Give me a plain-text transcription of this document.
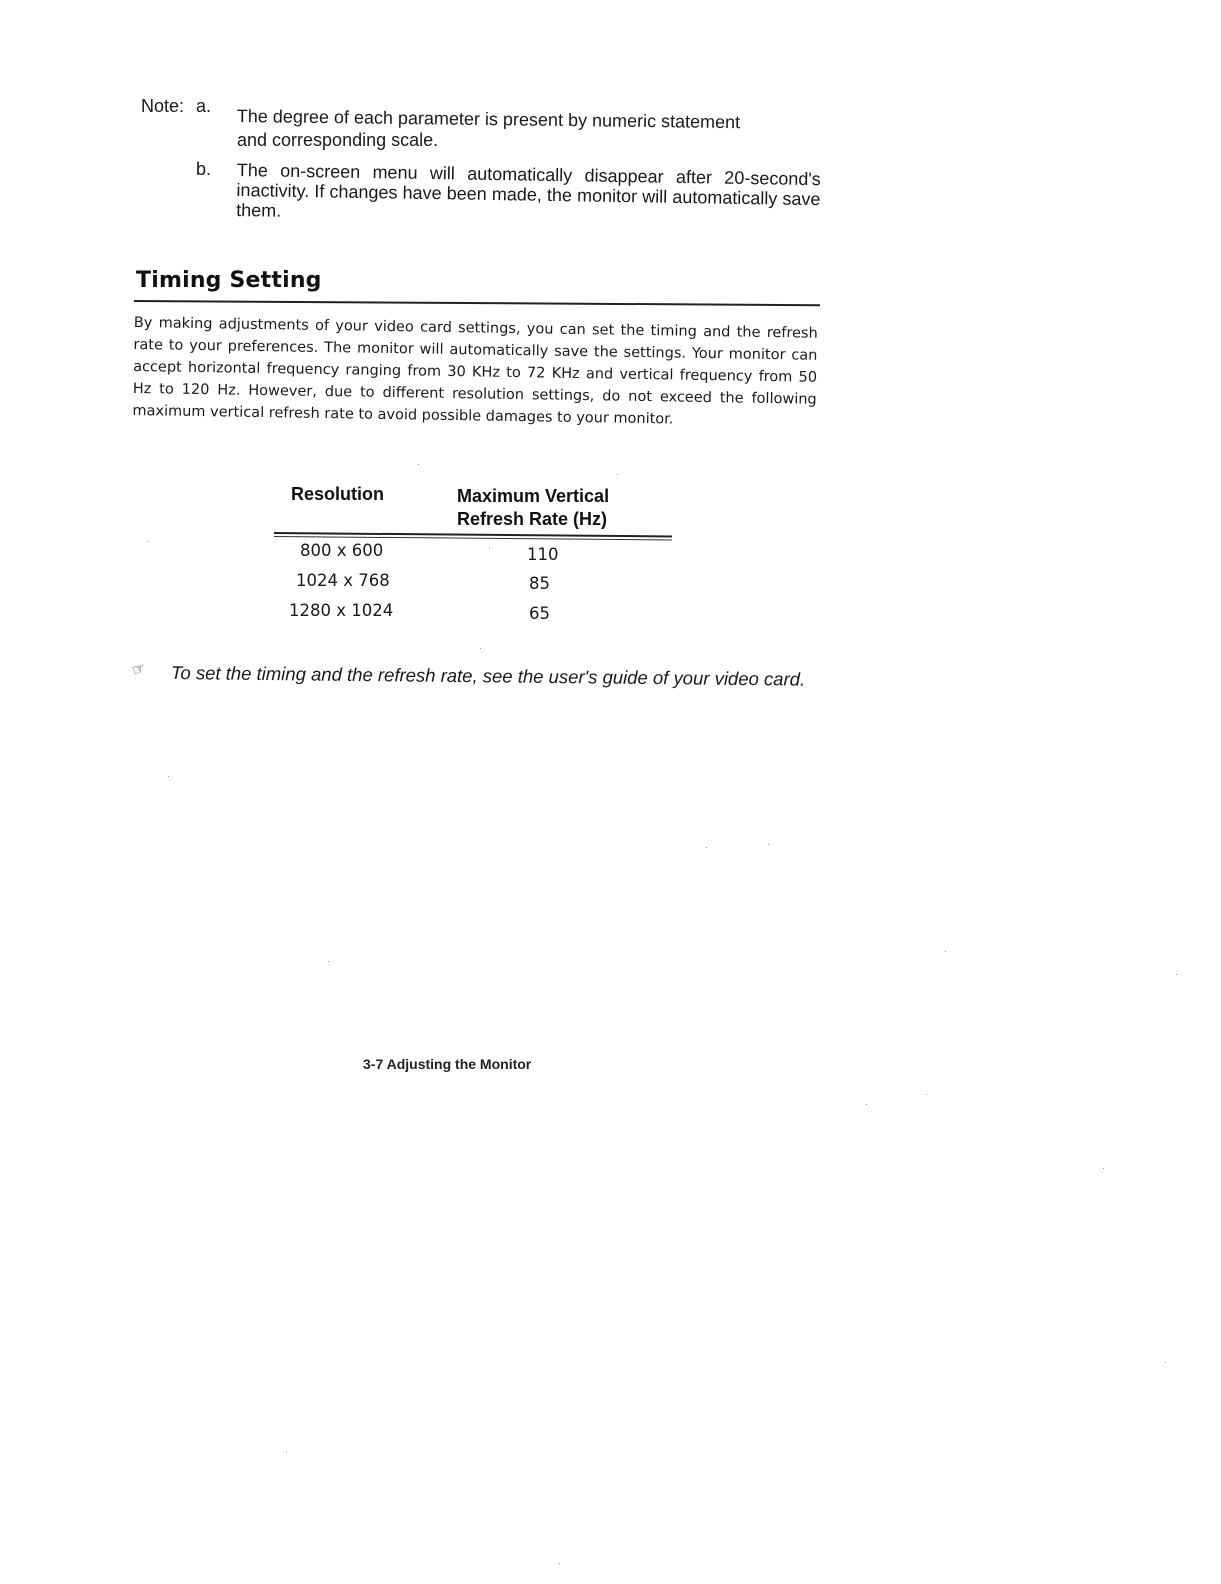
Note: a. The degree of each parameter is present by numeric statement
and corresponding scale.
b. The on-screen menu will automatically disappear after 20-second's inactivity. If changes have been made, the monitor will automatically save them.
Timing Setting
By making adjustments of your video card settings, you can set the timing and the refresh rate to your preferences. The monitor will automatically save the settings. Your monitor can accept horizontal frequency ranging from 30 KHz to 72 KHz and vertical frequency from 50 Hz to 120 Hz. However, due to different resolution settings, do not exceed the following maximum vertical refresh rate to avoid possible damages to your monitor.
Resolution	Maximum Vertical
Refresh Rate (Hz)
800 x 600	110
1024 x 768	85
1280 x 1024	65
☞ To set the timing and the refresh rate, see the user's guide of your video card.
3-7 Adjusting the Monitor
